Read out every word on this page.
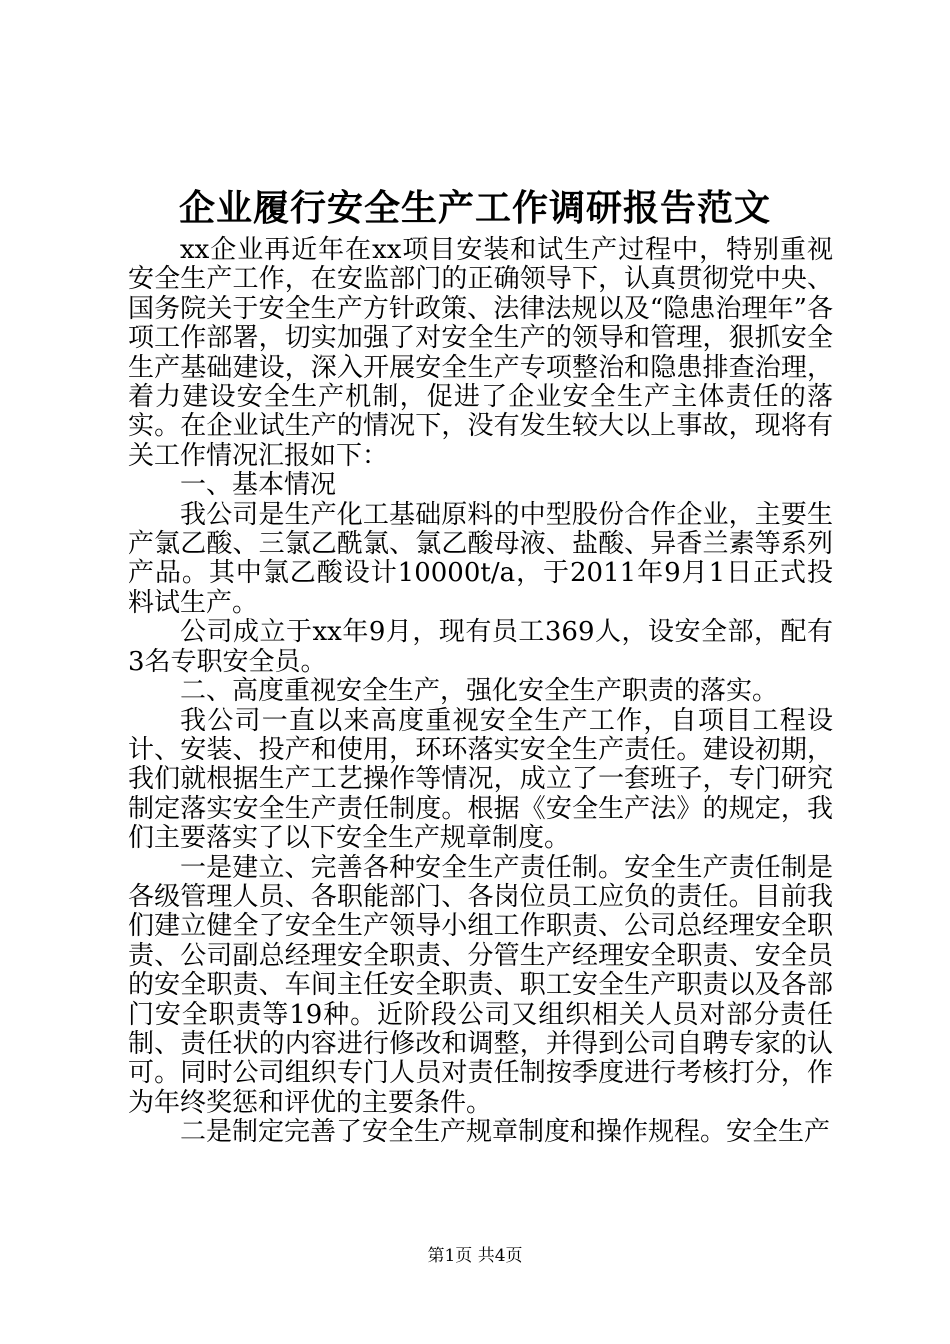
企业履行安全生产工作调研报告范文

xx企业再近年在xx项目安装和试生产过程中，特别重视安全生产工作，在安监部门的正确领导下，认真贯彻党中央、国务院关于安全生产方针政策、法律法规以及“隐患治理年”各项工作部署，切实加强了对安全生产的领导和管理，狠抓安全生产基础建设，深入开展安全生产专项整治和隐患排查治理，着力建设安全生产机制，促进了企业安全生产主体责任的落实。在企业试生产的情况下，没有发生较大以上事故，现将有关工作情况汇报如下：

一、基本情况

我公司是生产化工基础原料的中型股份合作企业，主要生产氯乙酸、三氯乙酰氯、氯乙酸母液、盐酸、异香兰素等系列产品。其中氯乙酸设计10000t/a，于2011年9月1日正式投料试生产。

公司成立于xx年9月，现有员工369人，设安全部，配有3名专职安全员。

二、高度重视安全生产，强化安全生产职责的落实。

我公司一直以来高度重视安全生产工作，自项目工程设计、安装、投产和使用，环环落实安全生产责任。建设初期，我们就根据生产工艺操作等情况，成立了一套班子，专门研究制定落实安全生产责任制度。根据《安全生产法》的规定，我们主要落实了以下安全生产规章制度。

一是建立、完善各种安全生产责任制。安全生产责任制是各级管理人员、各职能部门、各岗位员工应负的责任。目前我们建立健全了安全生产领导小组工作职责、公司总经理安全职责、公司副总经理安全职责、分管生产经理安全职责、安全员的安全职责、车间主任安全职责、职工安全生产职责以及各部门安全职责等19种。近阶段公司又组织相关人员对部分责任制、责任状的内容进行修改和调整，并得到公司自聘专家的认可。同时公司组织专门人员对责任制按季度进行考核打分，作为年终奖惩和评优的主要条件。

二是制定完善了安全生产规章制度和操作规程。安全生产

第1页 共4页
